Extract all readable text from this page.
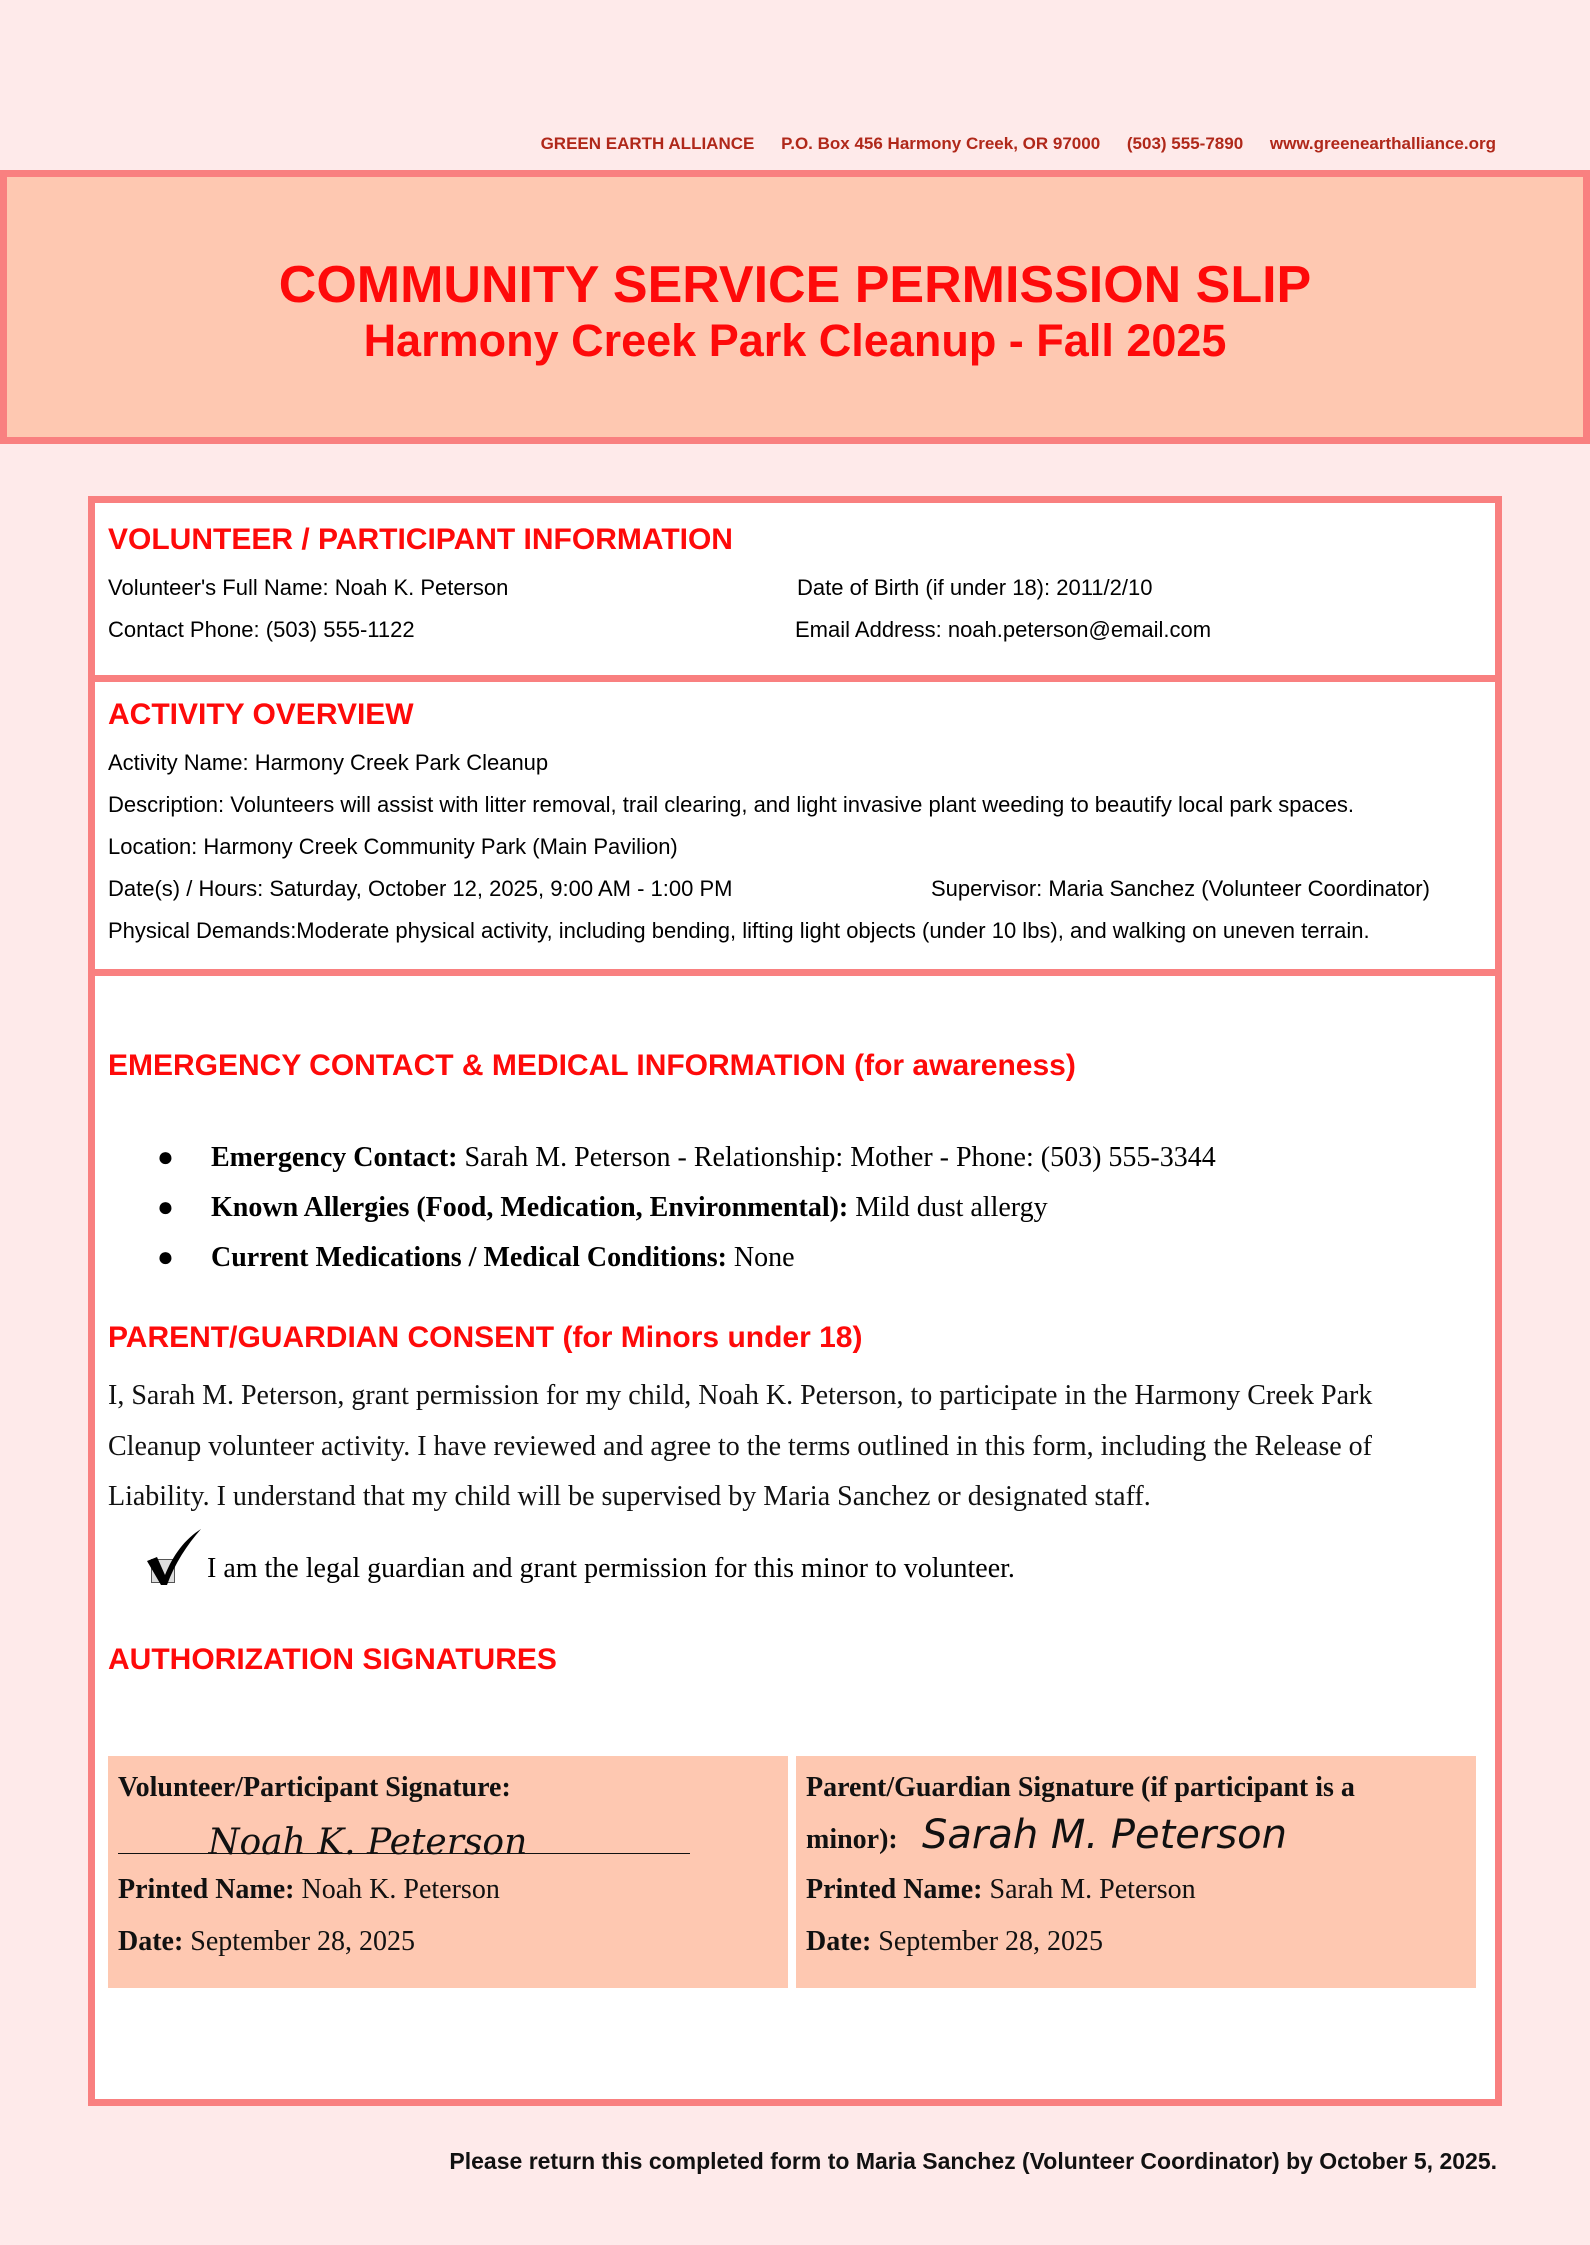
GREEN EARTH ALLIANCE P.O. Box 456 Harmony Creek, OR 97000 (503) 555-7890 www.greenearthalliance.org
COMMUNITY SERVICE PERMISSION SLIP
Harmony Creek Park Cleanup - Fall 2025
VOLUNTEER / PARTICIPANT INFORMATION
Volunteer's Full Name: Noah K. Peterson	Date of Birth (if under 18): 2011/2/10
Contact Phone: (503) 555-1122	Email Address: noah.peterson@email.com
ACTIVITY OVERVIEW
Activity Name: Harmony Creek Park Cleanup
Description: Volunteers will assist with litter removal, trail clearing, and light invasive plant weeding to beautify local park spaces.
Location: Harmony Creek Community Park (Main Pavilion)
Date(s) / Hours: Saturday, October 12, 2025, 9:00 AM - 1:00 PM	Supervisor: Maria Sanchez (Volunteer Coordinator)
Physical Demands:Moderate physical activity, including bending, lifting light objects (under 10 lbs), and walking on uneven terrain.
EMERGENCY CONTACT & MEDICAL INFORMATION (for awareness)
● Emergency Contact: Sarah M. Peterson - Relationship: Mother - Phone: (503) 555-3344
● Known Allergies (Food, Medication, Environmental): Mild dust allergy
● Current Medications / Medical Conditions: None
PARENT/GUARDIAN CONSENT (for Minors under 18)
I, Sarah M. Peterson, grant permission for my child, Noah K. Peterson, to participate in the Harmony Creek Park
Cleanup volunteer activity. I have reviewed and agree to the terms outlined in this form, including the Release of
Liability. I understand that my child will be supervised by Maria Sanchez or designated staff.
I am the legal guardian and grant permission for this minor to volunteer.
AUTHORIZATION SIGNATURES
Volunteer/Participant Signature:
Noah K. Peterson
Printed Name: Noah K. Peterson
Date: September 28, 2025
Parent/Guardian Signature (if participant is a
minor): Sarah M. Peterson
Printed Name: Sarah M. Peterson
Date: September 28, 2025
Please return this completed form to Maria Sanchez (Volunteer Coordinator) by October 5, 2025.
